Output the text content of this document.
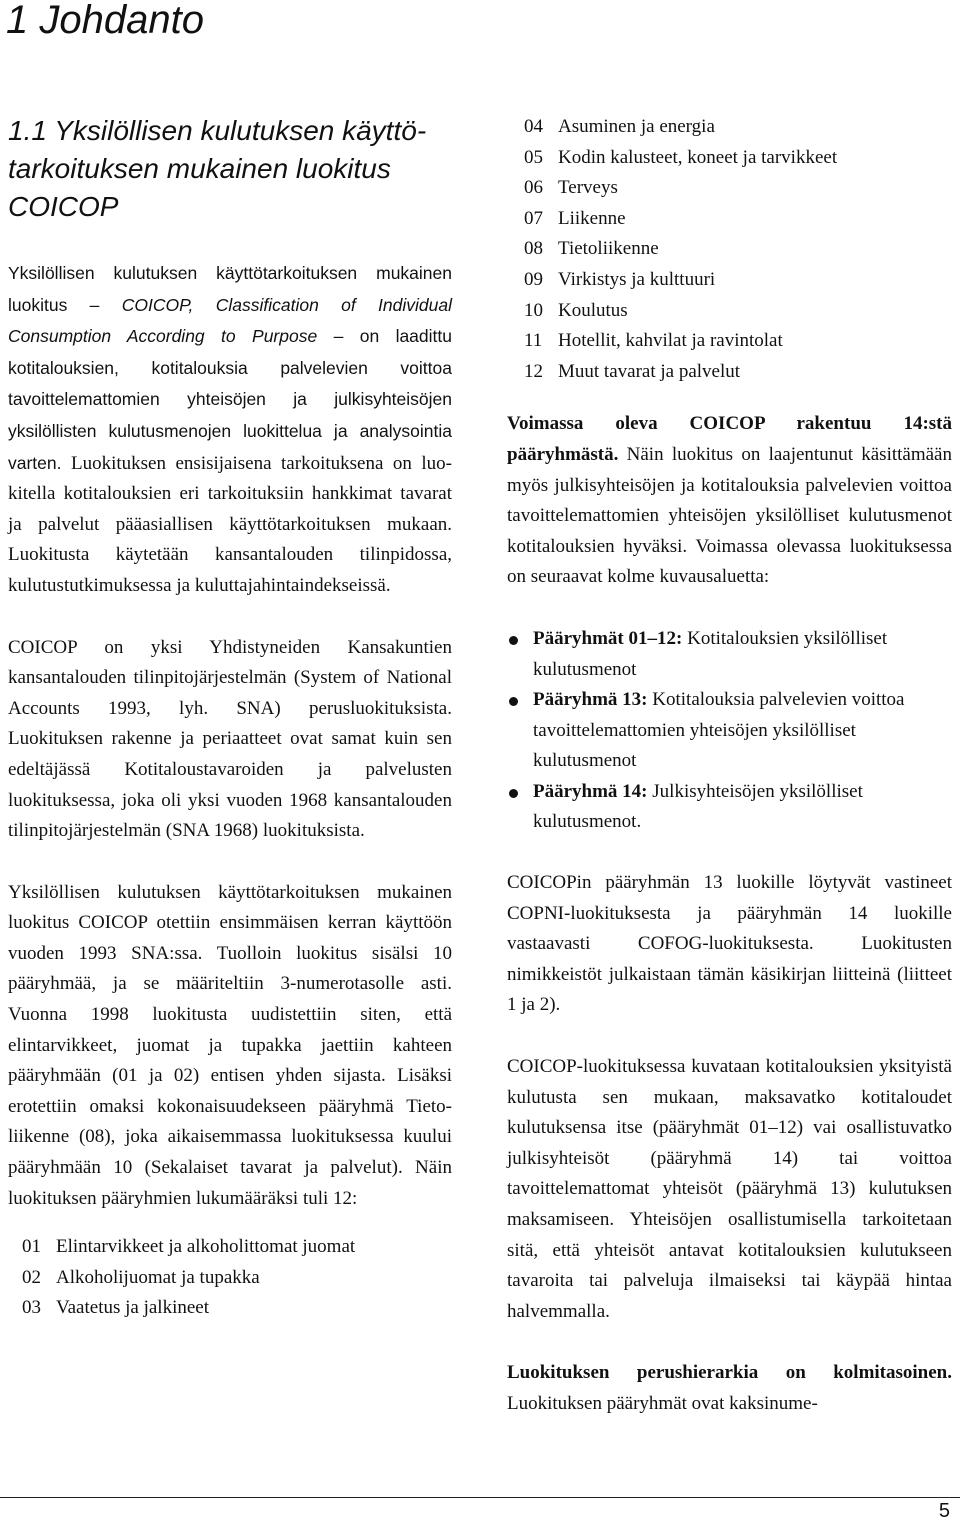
1 Johdanto
1.1 Yksilöllisen kulutuksen käyttötarkoituksen mukainen luokitus COICOP

Yksilöllisen kulutuksen käyttötarkoituksen mukainen luokitus – COICOP, Classification of Individual Consumption According to Purpose – on laadittu kotitalouksien, kotitalouksia palvelevien voittoa tavoittelemattomien yhteisöjen ja julkisyhteisöjen yksilöllisten kulutusmenojen luokittelua ja analysointia varten. Luokituksen ensisijaisena tarkoituksena on luokitella kotitalouksien eri tarkoituksiin hankkimat tavarat ja palvelut pääasiallisen käyttötarkoituksen mukaan. Luokitusta käytetään kansantalouden tilinpidossa, kulutustutkimuksessa ja kuluttajahintaindekseissä.

COICOP on yksi Yhdistyneiden Kansakuntien kansantalouden tilinpitojärjestelmän (System of National Accounts 1993, lyh. SNA) perusluokituksista. Luokituksen rakenne ja periaatteet ovat samat kuin sen edeltäjässä Kotitaloustavaroiden ja palvelusten luokituksessa, joka oli yksi vuoden 1968 kansantalouden tilinpitojärjestelmän (SNA 1968) luokituksista.

Yksilöllisen kulutuksen käyttötarkoituksen mukainen luokitus COICOP otettiin ensimmäisen kerran käyttöön vuoden 1993 SNA:ssa. Tuolloin luokitus sisälsi 10 pääryhmää, ja se määriteltiin 3-numerotasolle asti. Vuonna 1998 luokitusta uudistettiin siten, että elintarvikkeet, juomat ja tupakka jaettiin kahteen pääryhmään (01 ja 02) entisen yhden sijasta. Lisäksi erotettiin omaksi kokonaisuudekseen pääryhmä Tietoliikenne (08), joka aikaisemmassa luokituksessa kuului pääryhmään 10 (Sekalaiset tavarat ja palvelut). Näin luokituksen pääryhmien lukumääräksi tuli 12:

01 Elintarvikkeet ja alkoholittomat juomat
02 Alkoholijuomat ja tupakka
03 Vaatetus ja jalkineet
04 Asuminen ja energia
05 Kodin kalusteet, koneet ja tarvikkeet
06 Terveys
07 Liikenne
08 Tietoliikenne
09 Virkistys ja kulttuuri
10 Koulutus
11 Hotellit, kahvilat ja ravintolat
12 Muut tavarat ja palvelut

Voimassa oleva COICOP rakentuu 14:stä pääryhmästä. Näin luokitus on laajentunut käsittämään myös julkisyhteisöjen ja kotitalouksia palvelevien voittoa tavoittelemattomien yhteisöjen yksilölliset kulutusmenot kotitalouksien hyväksi. Voimassa olevassa luokituksessa on seuraavat kolme kuvausaluetta:

Pääryhmät 01–12: Kotitalouksien yksilölliset kulutusmenot
Pääryhmä 13: Kotitalouksia palvelevien voittoa tavoittelemattomien yhteisöjen yksilölliset kulutusmenot
Pääryhmä 14: Julkisyhteisöjen yksilölliset kulutusmenot.

COICOPin pääryhmän 13 luokille löytyvät vastineet COPNI-luokituksesta ja pääryhmän 14 luokille vastaavasti COFOG-luokituksesta. Luokitusten nimikkeistöt julkaistaan tämän käsikirjan liitteinä (liitteet 1 ja 2).

COICOP-luokituksessa kuvataan kotitalouksien yksityistä kulutusta sen mukaan, maksavatko kotitaloudet kulutuksensa itse (pääryhmät 01–12) vai osallistuvatko julkisyhteisöt (pääryhmä 14) tai voittoa tavoittelemattomat yhteisöt (pääryhmä 13) kulutuksen maksamiseen. Yhteisöjen osallistumisella tarkoitetaan sitä, että yhteisöt antavat kotitalouksien kulutukseen tavaroita tai palveluja ilmaiseksi tai käypää hintaa halvemmalla.

Luokituksen perushierarkia on kolmitasoinen. Luokituksen pääryhmät ovat kaksinume-

5
